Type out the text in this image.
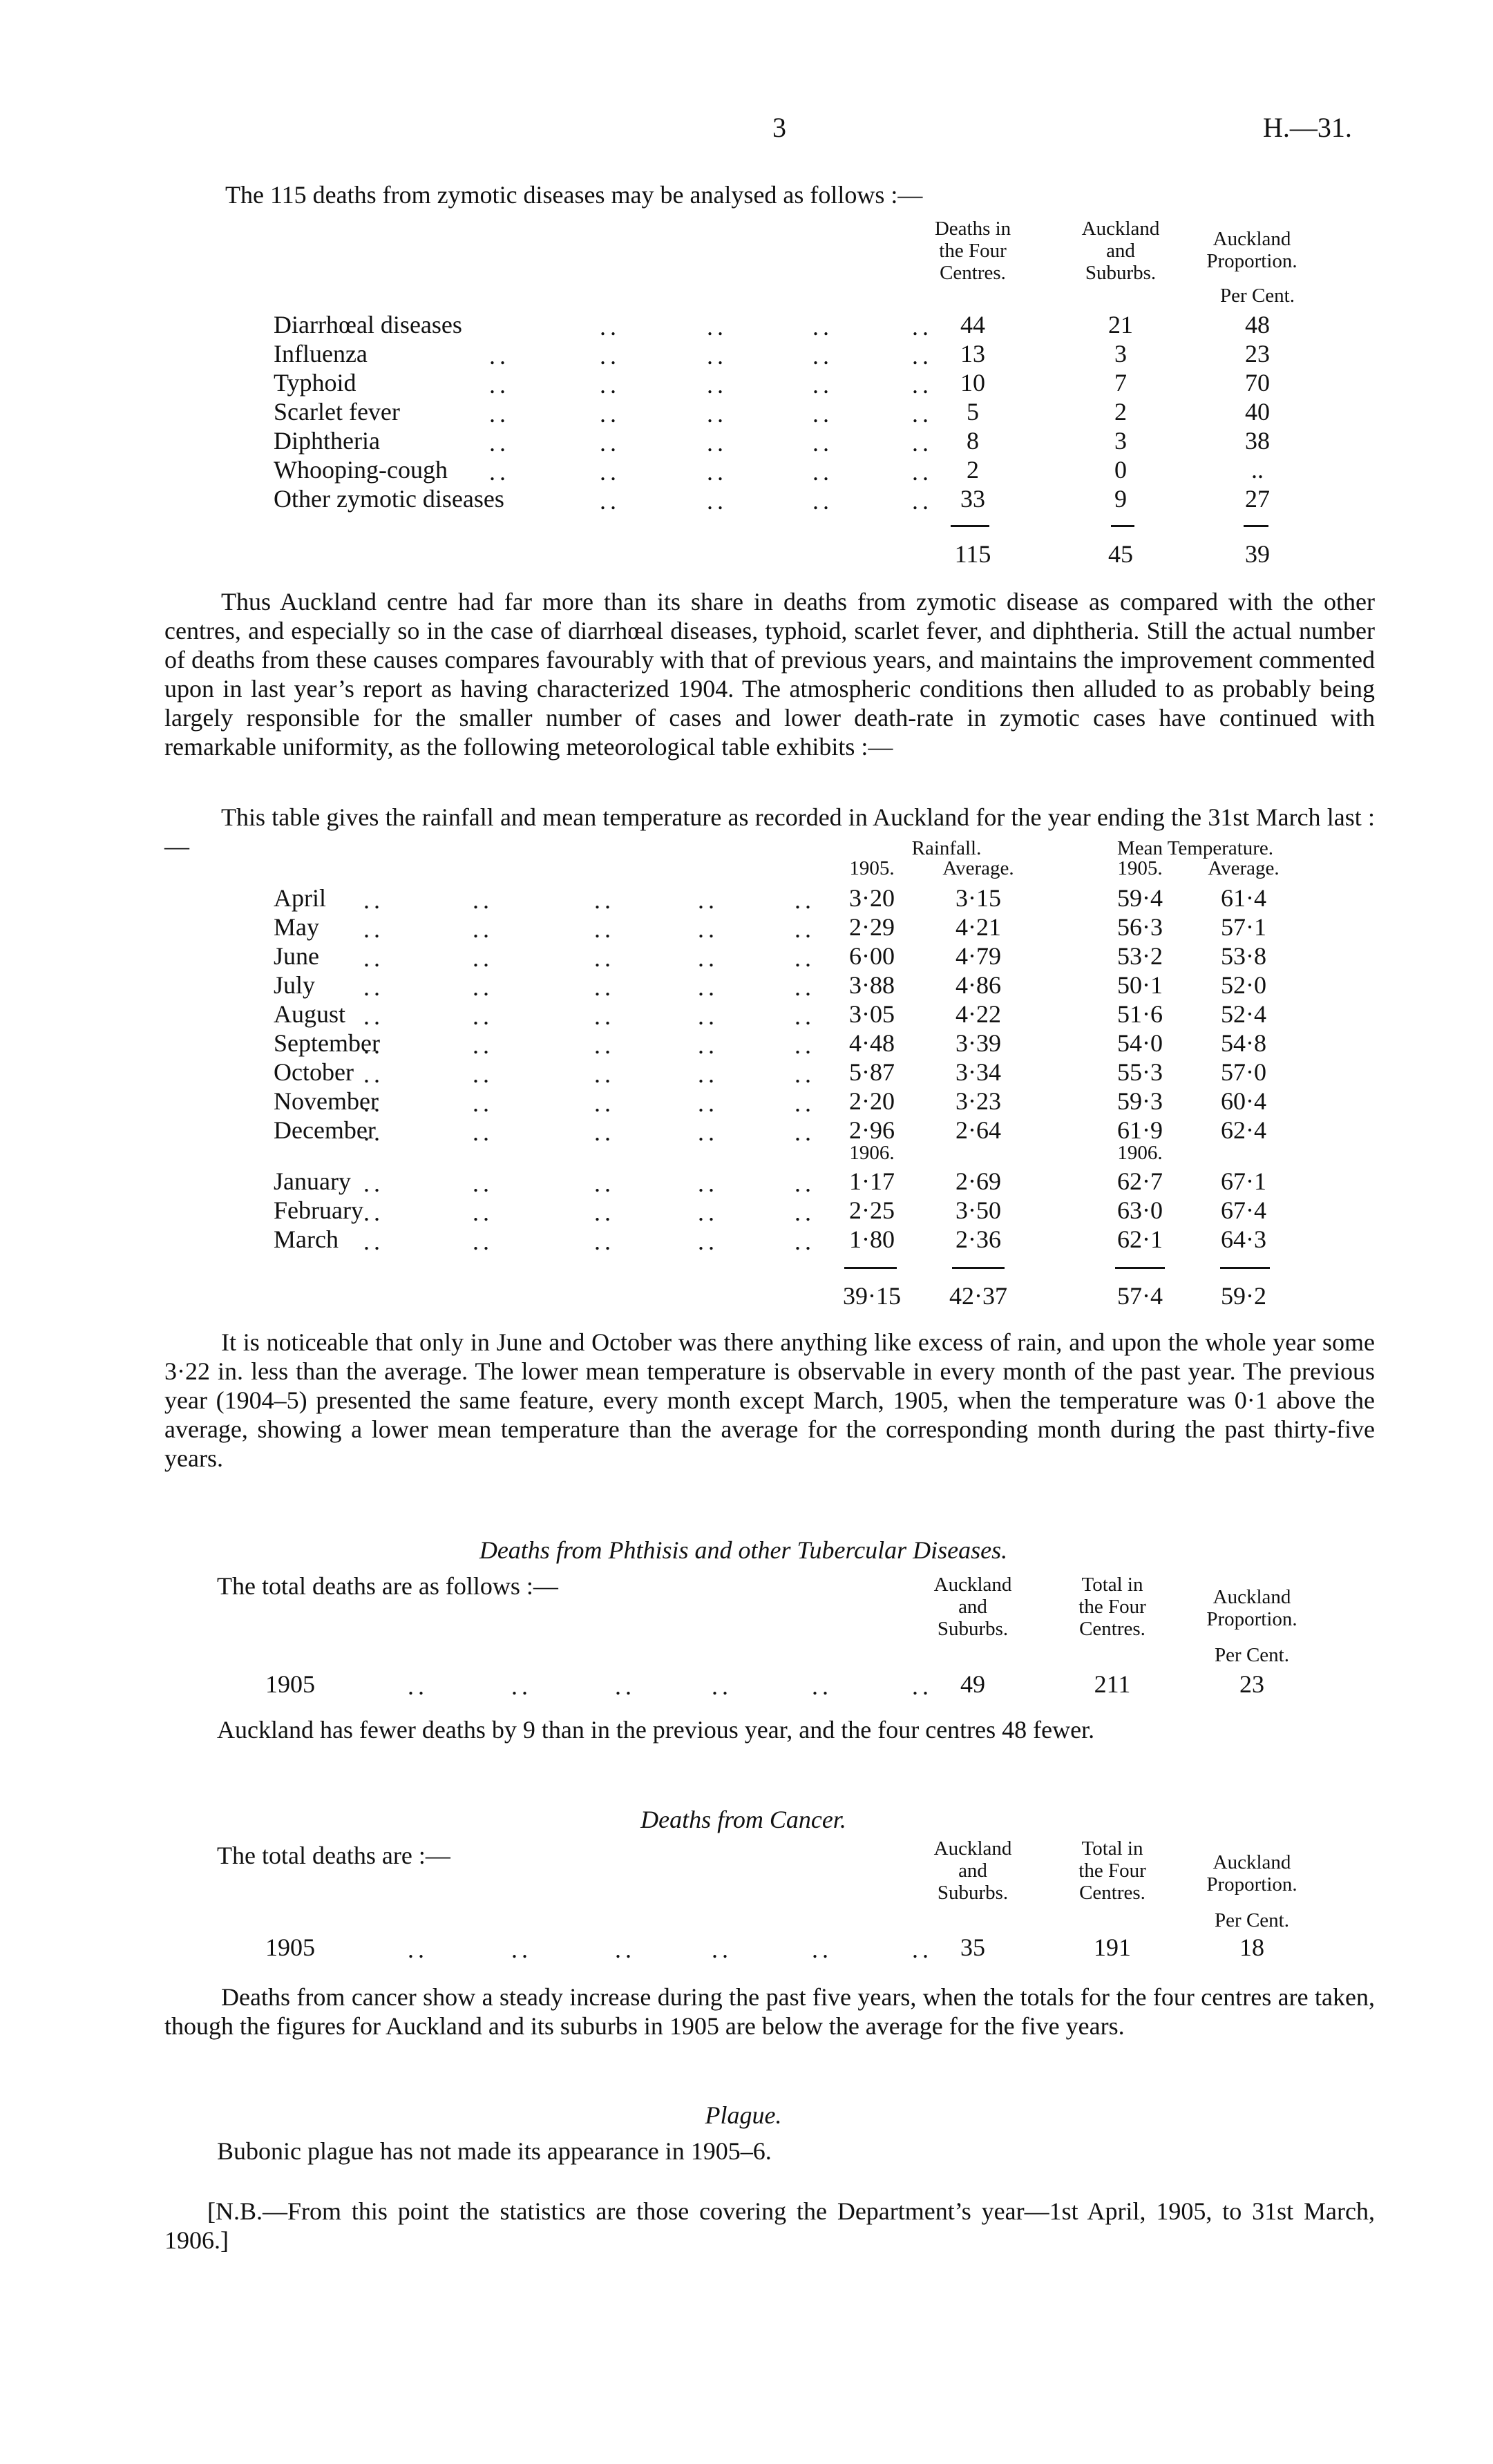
3	H.—31.
The 115 deaths from zymotic diseases may be analysed as follows :—
Deaths in
the Four
Centres.
Auckland
and
Suburbs.
Auckland
Proportion.
Per Cent.
Diarrhœal diseases .. .. .. ..	44	21	48
Influenza .. .. .. .. ..	13	3	23
Typhoid .. .. .. .. ..	10	7	70
Scarlet fever .. .. .. .. ..	5	2	40
Diphtheria .. .. .. .. ..	8	3	38
Whooping-cough .. .. .. .. ..	2	0	..
Other zymotic diseases .. .. .. ..	33	9	27
115	45	39
Thus Auckland centre had far more than its share in deaths from zymotic disease as compared with the other centres, and especially so in the case of diarrhœal diseases, typhoid, scarlet fever, and diphtheria. Still the actual number of deaths from these causes compares favourably with that of previous years, and maintains the improvement commented upon in last year’s report as having characterized 1904. The atmospheric conditions then alluded to as probably being largely responsible for the smaller number of cases and lower death-rate in zymotic cases have continued with remarkable uniformity, as the following meteorological table exhibits :—
This table gives the rainfall and mean temperature as recorded in Auckland for the year ending the 31st March last :—	Rainfall.	Mean Temperature.
1905. Average.	1905. Average.
April .. .. .. .. ..	3·20 3·15	59·4 61·4
May .. .. .. .. ..	2·29 4·21	56·3 57·1
June .. .. .. .. ..	6·00 4·79	53·2 53·8
July .. .. .. .. ..	3·88 4·86	50·1 52·0
August .. .. .. .. ..	3·05 4·22	51·6 52·4
September .. .. .. .. ..	4·48 3·39	54·0 54·8
October .. .. .. .. ..	5·87 3·34	55·3 57·0
November .. .. .. .. ..	2·20 3·23	59·3 60·4
December .. .. .. .. ..	2·96 2·64	61·9 62·4
January .. .. .. .. ..	1·17 2·69	62·7 67·1
February .. .. .. .. ..	2·25 3·50	63·0 67·4
March .. .. .. .. ..	1·80 2·36	62·1 64·3
1906.	1906.
39·15 42·37	57·4 59·2
It is noticeable that only in June and October was there anything like excess of rain, and upon the whole year some 3·22 in. less than the average. The lower mean temperature is observable in every month of the past year. The previous year (1904–5) presented the same feature, every month except March, 1905, when the temperature was 0·1 above the average, showing a lower mean temperature than the average for the corresponding month during the past thirty-five years.
Deaths from Phthisis and other Tubercular Diseases.
The total deaths are as follows :—	Auckland
and
Suburbs.
Total in
the Four
Centres.
Auckland
Proportion.
Per Cent.
1905 .. .. .. .. .. ..	49	211	23
Auckland has fewer deaths by 9 than in the previous year, and the four centres 48 fewer.
Deaths from Cancer.
The total deaths are :—	Auckland
and
Suburbs.
Total in
the Four
Centres.
Auckland
Proportion.
Per Cent.
1905 .. .. .. .. .. ..	35	191	18
Deaths from cancer show a steady increase during the past five years, when the totals for the four centres are taken, though the figures for Auckland and its suburbs in 1905 are below the average for the five years.
Plague.
Bubonic plague has not made its appearance in 1905–6.
[N.B.—From this point the statistics are those covering the Department’s year—1st April, 1905, to 31st March, 1906.]
